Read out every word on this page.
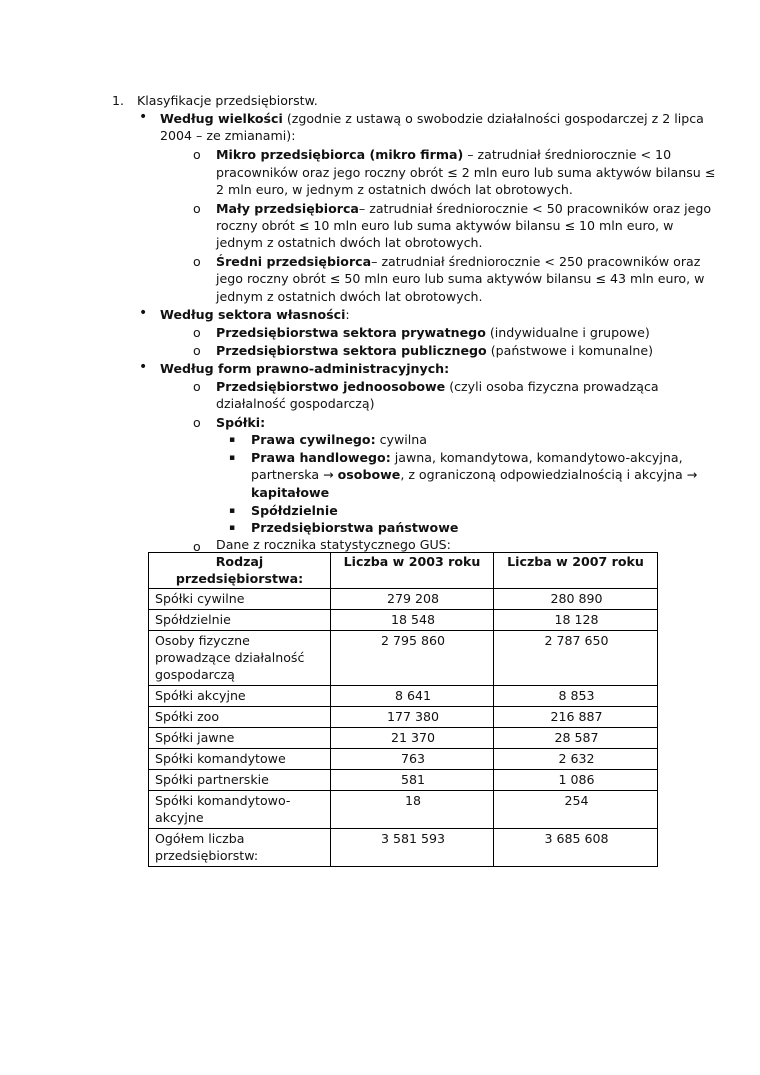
1. Klasyfikacje przedsiębiorstw.
• Według wielkości (zgodnie z ustawą o swobodzie działalności gospodarczej z 2 lipca
2004 – ze zmianami):
o Mikro przedsiębiorca (mikro firma) – zatrudniał średniorocznie < 10
pracowników oraz jego roczny obrót ≤ 2 mln euro lub suma aktywów bilansu ≤
2 mln euro, w jednym z ostatnich dwóch lat obrotowych.
o Mały przedsiębiorca– zatrudniał średniorocznie < 50 pracowników oraz jego
roczny obrót ≤ 10 mln euro lub suma aktywów bilansu ≤ 10 mln euro, w
jednym z ostatnich dwóch lat obrotowych.
o Średni przedsiębiorca– zatrudniał średniorocznie < 250 pracowników oraz
jego roczny obrót ≤ 50 mln euro lub suma aktywów bilansu ≤ 43 mln euro, w
jednym z ostatnich dwóch lat obrotowych.
• Według sektora własności:
o Przedsiębiorstwa sektora prywatnego (indywidualne i grupowe)
o Przedsiębiorstwa sektora publicznego (państwowe i komunalne)
• Według form prawno-administracyjnych:
o Przedsiębiorstwo jednoosobowe (czyli osoba fizyczna prowadząca
działalność gospodarczą)
o Spółki:
▪ Prawa cywilnego: cywilna
▪ Prawa handlowego: jawna, komandytowa, komandytowo-akcyjna,
partnerska → osobowe, z ograniczoną odpowiedzialnością i akcyjna →
kapitałowe
▪ Spółdzielnie
▪ Przedsiębiorstwa państwowe
o Dane z rocznika statystycznego GUS:
Rodzaj przedsiębiorstwa:	Liczba w 2003 roku	Liczba w 2007 roku
Spółki cywilne	279 208	280 890
Spółdzielnie	18 548	18 128
Osoby fizyczne prowadzące działalność gospodarczą	2 795 860	2 787 650
Spółki akcyjne	8 641	8 853
Spółki zoo	177 380	216 887
Spółki jawne	21 370	28 587
Spółki komandytowe	763	2 632
Spółki partnerskie	581	1 086
Spółki komandytowo-akcyjne	18	254
Ogółem liczba przedsiębiorstw:	3 581 593	3 685 608
